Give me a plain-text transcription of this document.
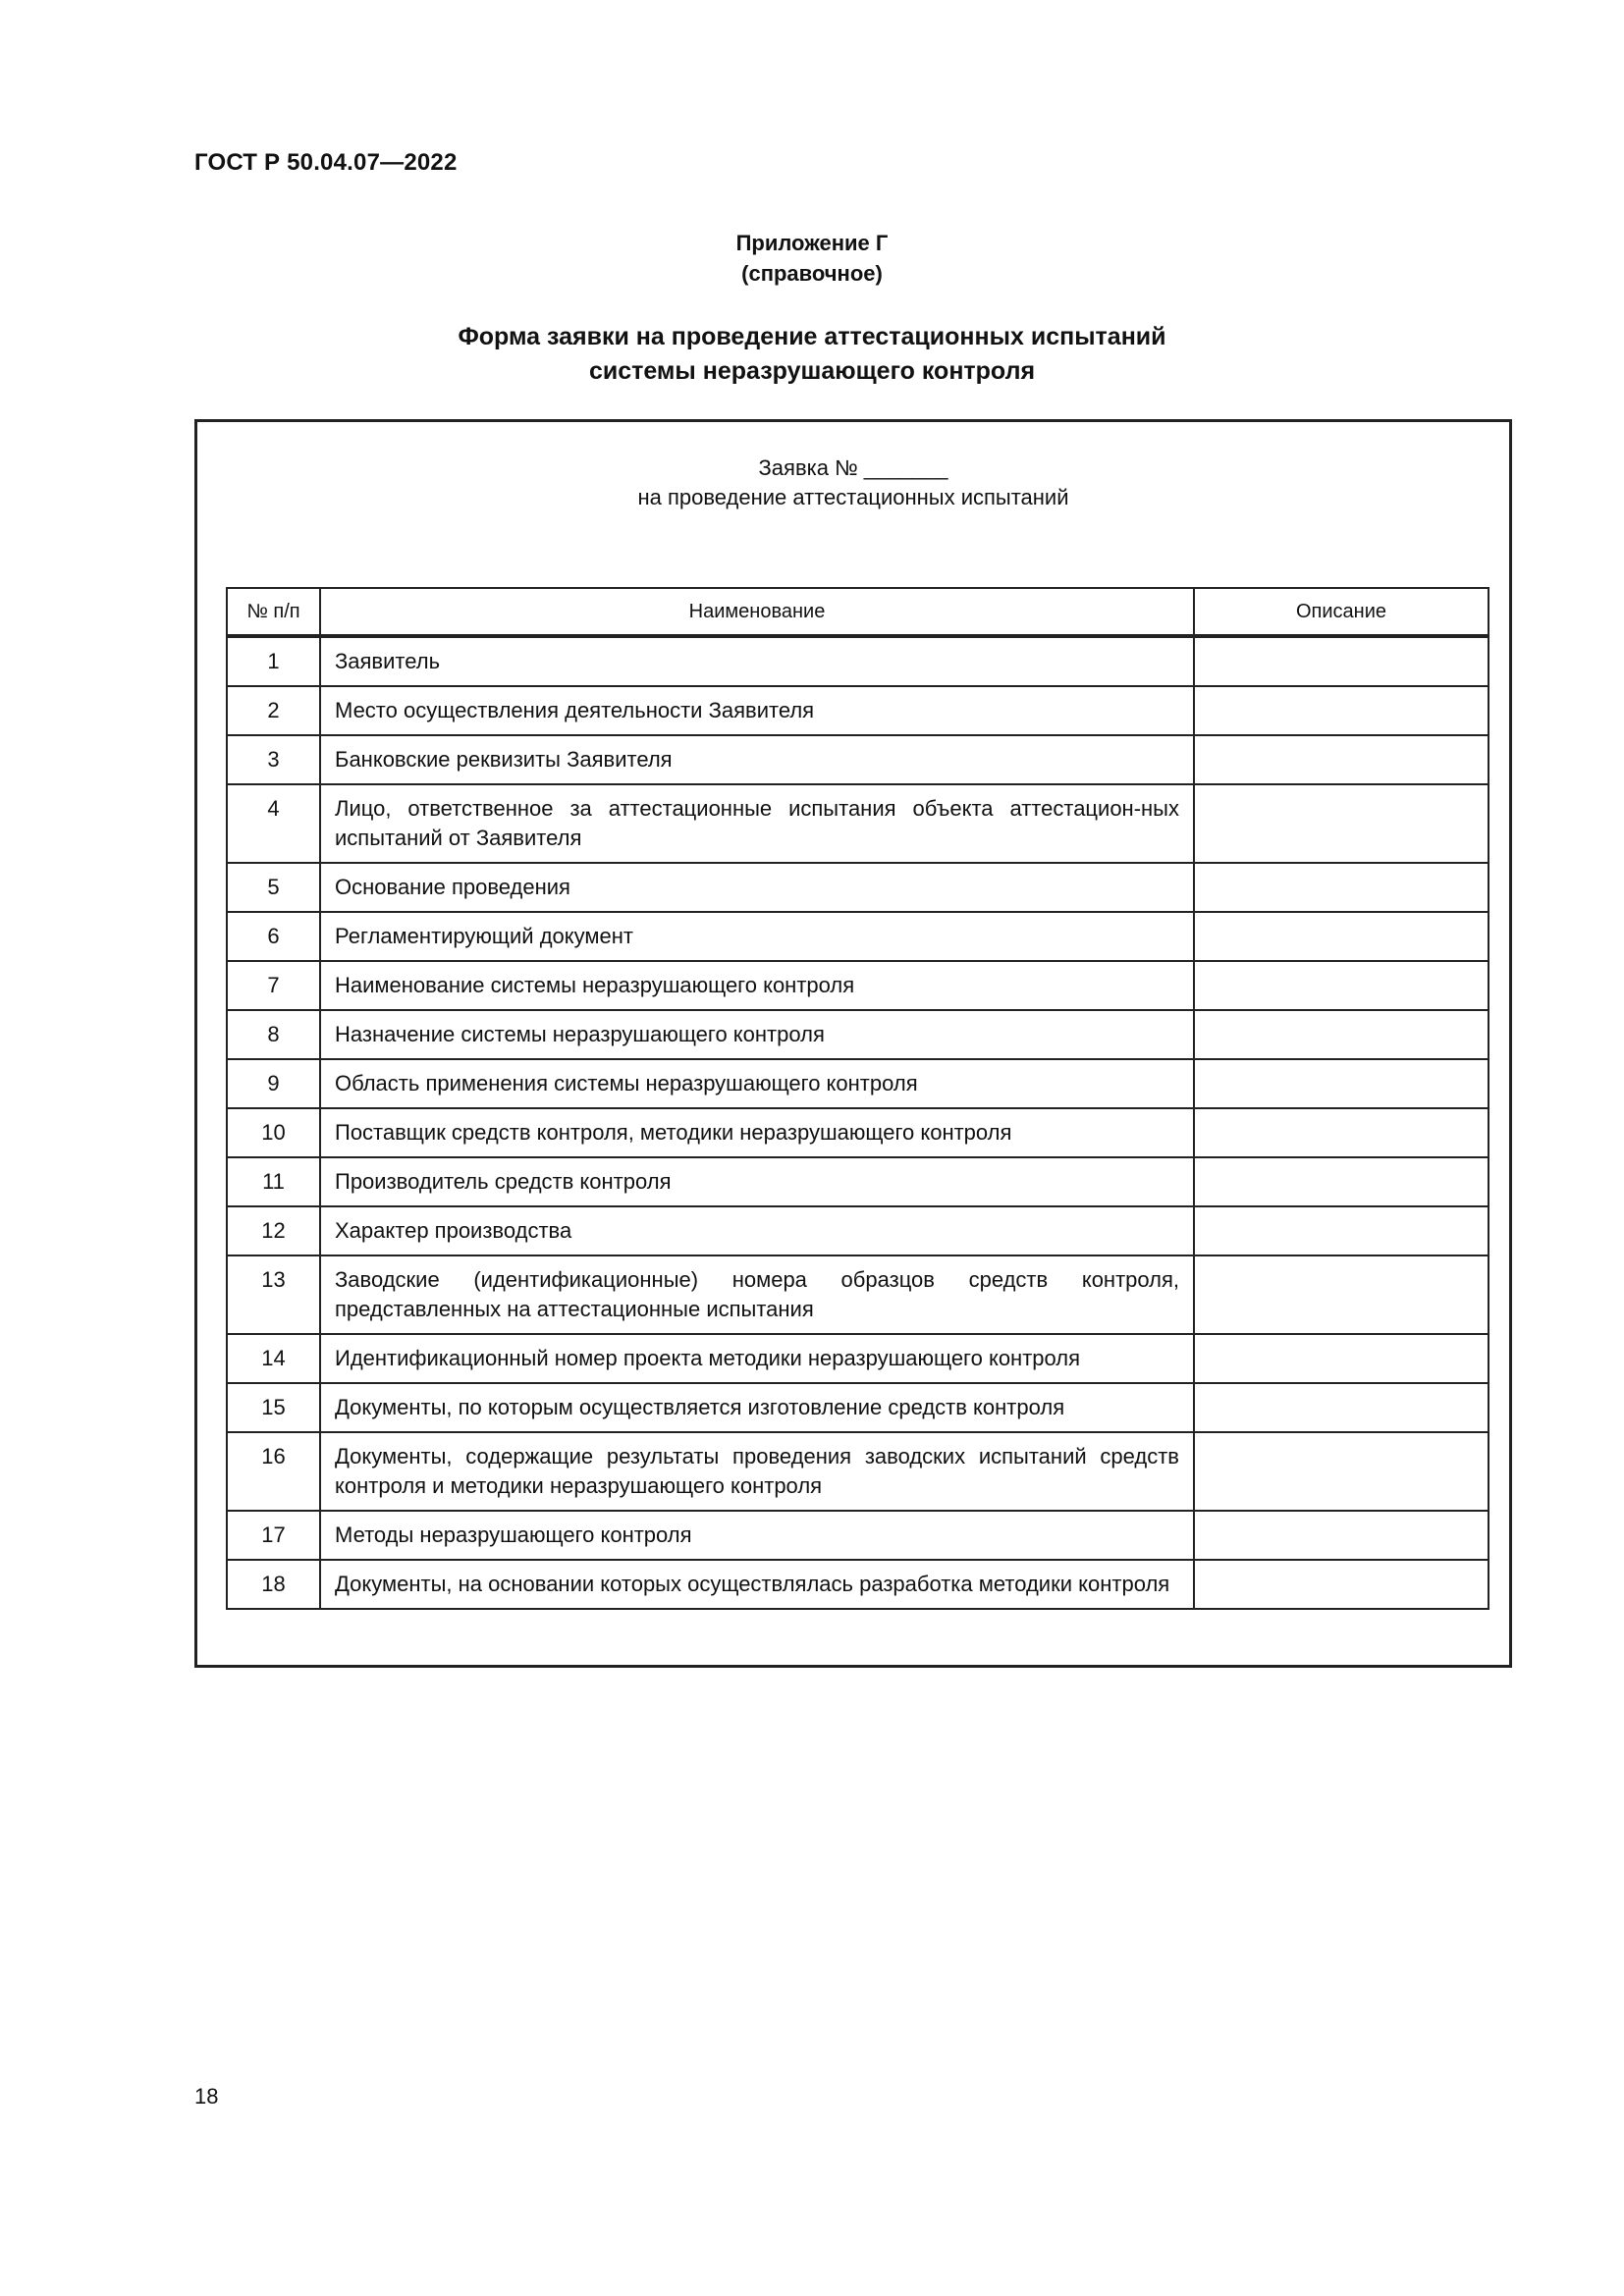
ГОСТ Р 50.04.07—2022
Приложение Г
(справочное)
Форма заявки на проведение аттестационных испытаний
системы неразрушающего контроля
Заявка № _______
на проведение аттестационных испытаний
№ п/п	Наименование	Описание
1	Заявитель	
2	Место осуществления деятельности Заявителя	
3	Банковские реквизиты Заявителя	
4	Лицо, ответственное за аттестационные испытания объекта аттестацион-ных испытаний от Заявителя	
5	Основание проведения	
6	Регламентирующий документ	
7	Наименование системы неразрушающего контроля	
8	Назначение системы неразрушающего контроля	
9	Область применения системы неразрушающего контроля	
10	Поставщик средств контроля, методики неразрушающего контроля	
11	Производитель средств контроля	
12	Характер производства	
13	Заводские (идентификационные) номера образцов средств контроля, представленных на аттестационные испытания	
14	Идентификационный номер проекта методики неразрушающего контроля	
15	Документы, по которым осуществляется изготовление средств контроля	
16	Документы, содержащие результаты проведения заводских испытаний средств контроля и методики неразрушающего контроля	
17	Методы неразрушающего контроля	
18	Документы, на основании которых осуществлялась разработка методики контроля	
18
